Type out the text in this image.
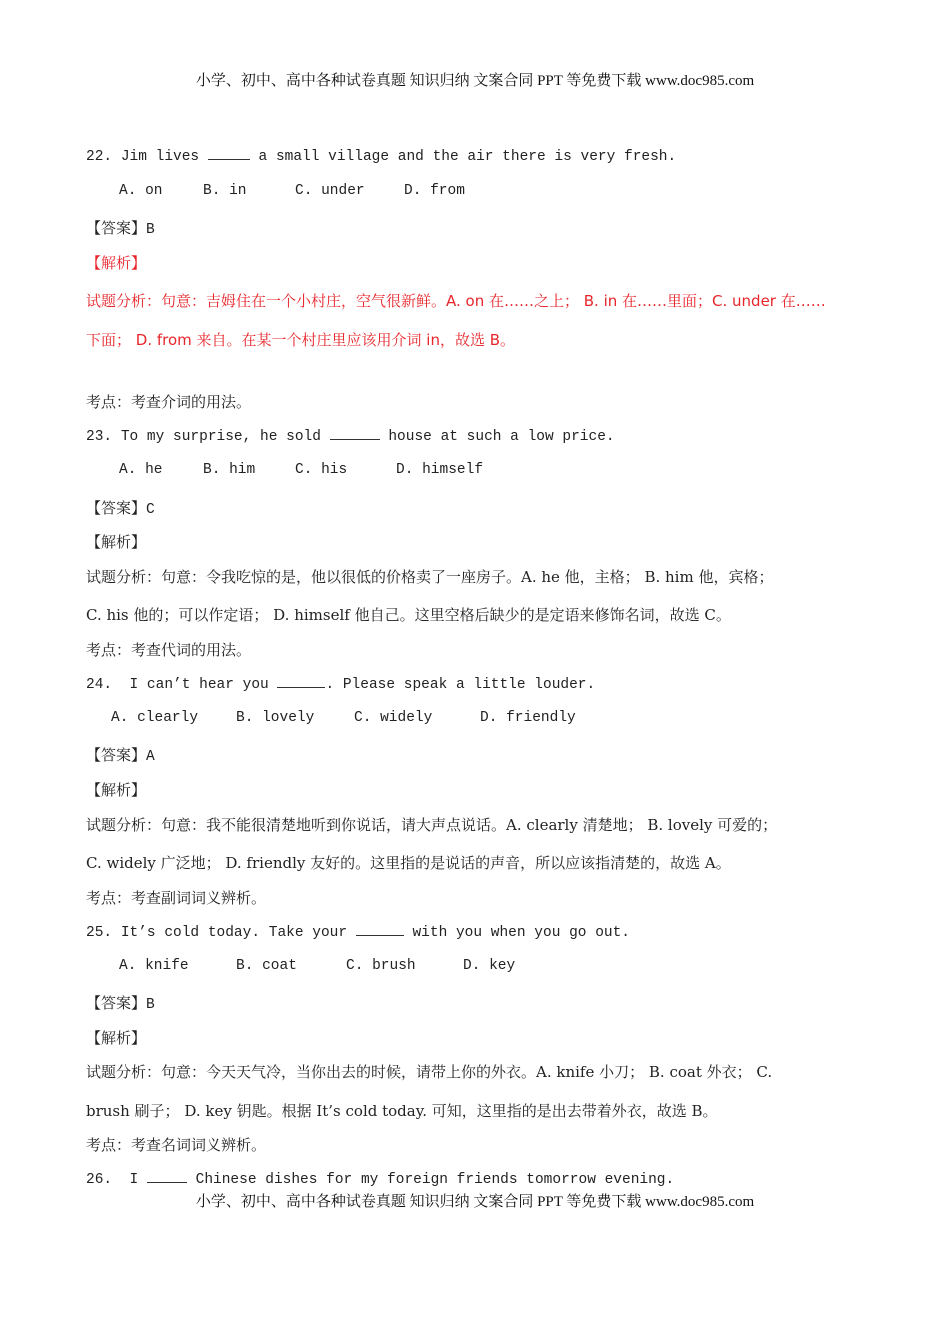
小学、初中、高中各种试卷真题 知识归纳 文案合同 PPT 等免费下载 www.doc985.com
22. Jim lives	a small village and the air there is very fresh.
A. on	B. in	C. under	D. from
【答案】B
【解析】
试题分析：句意：吉姆住在一个小村庄，空气很新鲜。A. on 在……之上； B. in 在……里面；C. under 在……
下面； D. from 来自。在某一个村庄里应该用介词 in，故选 B。
考点：考查介词的用法。
23. To my surprise, he sold	house at such a low price.
A. he	B. him	C. his	D. himself
【答案】C
【解析】
试题分析：句意：令我吃惊的是，他以很低的价格卖了一座房子。A. he 他，主格； B. him 他，宾格；
C. his 他的；可以作定语； D. himself 他自己。这里空格后缺少的是定语来修饰名词，故选 C。
考点：考查代词的用法。
24. I can’t hear you	. Please speak a little louder.
A. clearly	B. lovely	C. widely	D. friendly
【答案】A
【解析】
试题分析：句意：我不能很清楚地听到你说话，请大声点说话。A. clearly 清楚地； B. lovely 可爱的；
C. widely 广泛地； D. friendly 友好的。这里指的是说话的声音，所以应该指清楚的，故选 A。
考点：考查副词词义辨析。
25. It’s cold today. Take your	with you when you go out.
A. knife	B. coat	C. brush	D. key
【答案】B
【解析】
试题分析：句意：今天天气冷，当你出去的时候，请带上你的外衣。A. knife 小刀； B. coat 外衣； C.
brush 刷子； D. key 钥匙。根据 It’s cold today. 可知，这里指的是出去带着外衣，故选 B。
考点：考查名词词义辨析。
26. I	Chinese dishes for my foreign friends tomorrow evening.
小学、初中、高中各种试卷真题 知识归纳 文案合同 PPT 等免费下载 www.doc985.com
